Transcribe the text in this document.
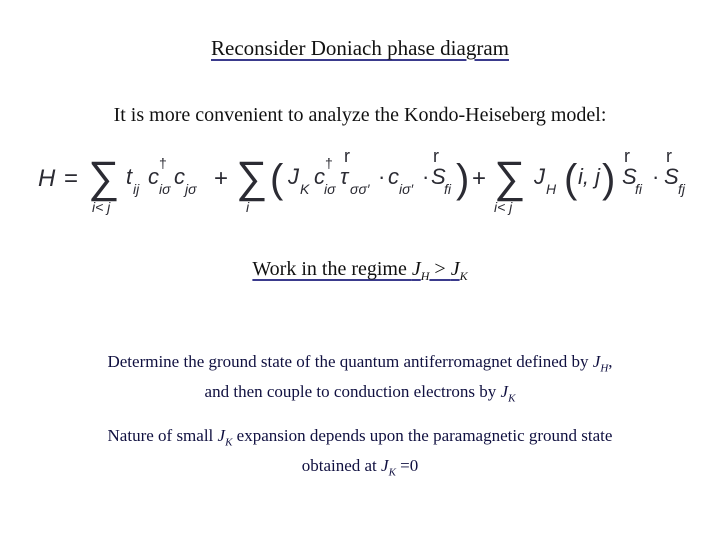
Reconsider Doniach phase diagram
It is more convenient to analyze the Kondo-Heiseberg model:
H = ∑
i< j
t ij c
†
iσ c jσ + ∑
i
( J K c
†
iσ
r
τ σσ′ · c iσ′ ·
r
S
fi ) + ∑
i< j
J H ( i, j )
r
S
fi ·
r
S fj
Work in the regime $J_H > J_K$
Determine the ground state of the quantum antiferromagnet defined by $J_H$,
and then couple to conduction electrons by $J_K$
Nature of small $J_K$ expansion depends upon the paramagnetic ground state
obtained at $J_K =0$
